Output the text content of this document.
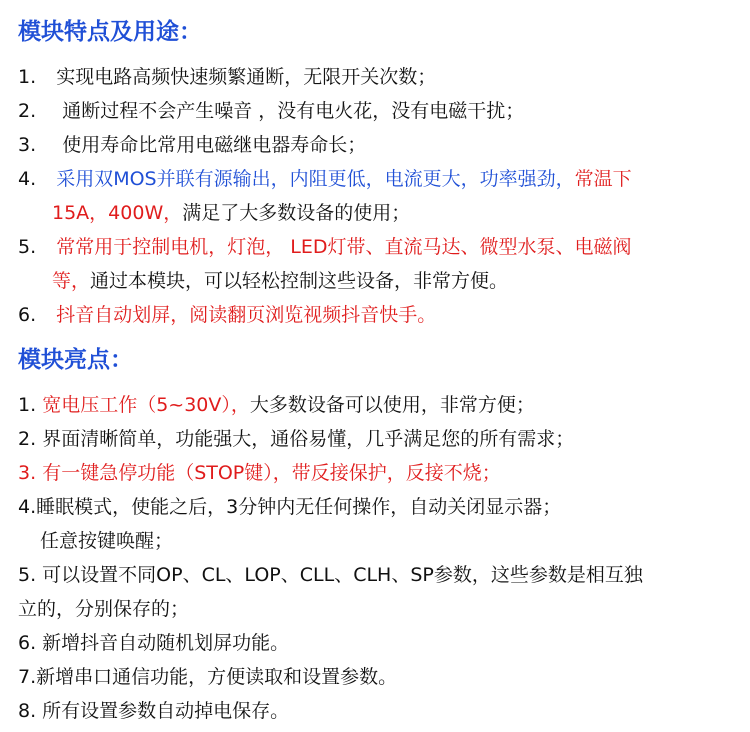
模块特点及用途：
1. 实现电路高频快速频繁通断，无限开关次数；
2. 通断过程不会产生噪音 ，没有电火花，没有电磁干扰；
3. 使用寿命比常用电磁继电器寿命长；
4. 采用双MOS并联有源输出，内阻更低，电流更大，功率强劲，常温下
15A，400W，满足了大多数设备的使用；
5. 常常用于控制电机，灯泡， LED灯带、直流马达、微型水泵、电磁阀
等，通过本模块，可以轻松控制这些设备，非常方便。
6. 抖音自动划屏，阅读翻页浏览视频抖音快手。
模块亮点：
1. 宽电压工作（5~30V），大多数设备可以使用，非常方便；
2. 界面清晰简单，功能强大，通俗易懂，几乎满足您的所有需求；
3. 有一键急停功能（STOP键），带反接保护，反接不烧；
4.睡眠模式，使能之后，3分钟内无任何操作，自动关闭显示器；
任意按键唤醒；
5. 可以设置不同OP、CL、LOP、CLL、CLH、SP参数，这些参数是相互独
立的，分别保存的；
6. 新增抖音自动随机划屏功能。
7.新增串口通信功能，方便读取和设置参数。
8. 所有设置参数自动掉电保存。
